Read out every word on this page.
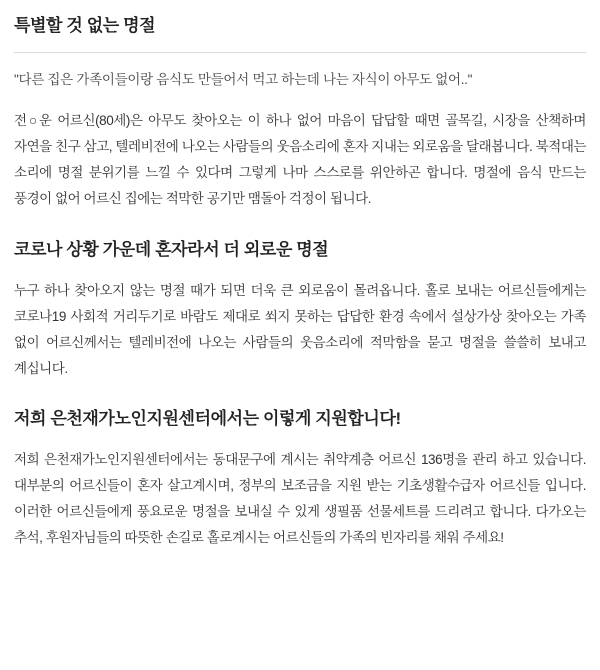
특별할 것 없는 명절

"다른 집은 가족이들이랑 음식도 만들어서 먹고 하는데 나는 자식이 아무도 없어.."

전○운 어르신(80세)은 아무도 찾아오는 이 하나 없어 마음이 답답할 때면 골목길, 시장을 산책하며 자연을 친구 삼고, 텔레비전에 나오는 사람들의 웃음소리에 혼자 지내는 외로움을 달래봅니다. 북적대는 소리에 명절 분위기를 느낄 수 있다며 그렇게 나마 스스로를 위안하곤 합니다. 명절에 음식 만드는 풍경이 없어 어르신 집에는 적막한 공기만 맴돌아 걱정이 됩니다.

코로나 상황 가운데 혼자라서 더 외로운 명절

누구 하나 찾아오지 않는 명절 때가 되면 더욱 큰 외로움이 몰려옵니다. 홀로 보내는 어르신들에게는 코로나19 사회적 거리두기로 바람도 제대로 쐬지 못하는 답답한 환경 속에서 설상가상 찾아오는 가족 없이 어르신께서는 텔레비전에 나오는 사람들의 웃음소리에 적막함을 묻고 명절을 쓸쓸히 보내고 계십니다.

저희 은천재가노인지원센터에서는 이렇게 지원합니다!

저희 은천재가노인지원센터에서는 동대문구에 계시는 취약계층 어르신 136명을 관리 하고 있습니다. 대부분의 어르신들이 혼자 살고계시며, 정부의 보조금을 지원 받는 기초생활수급자 어르신들 입니다. 이러한 어르신들에게 풍요로운 명절을 보내실 수 있게 생필품 선물세트를 드리려고 합니다. 다가오는 추석, 후원자님들의 따뜻한 손길로 홀로계시는 어르신들의 가족의 빈자리를 채워 주세요!
